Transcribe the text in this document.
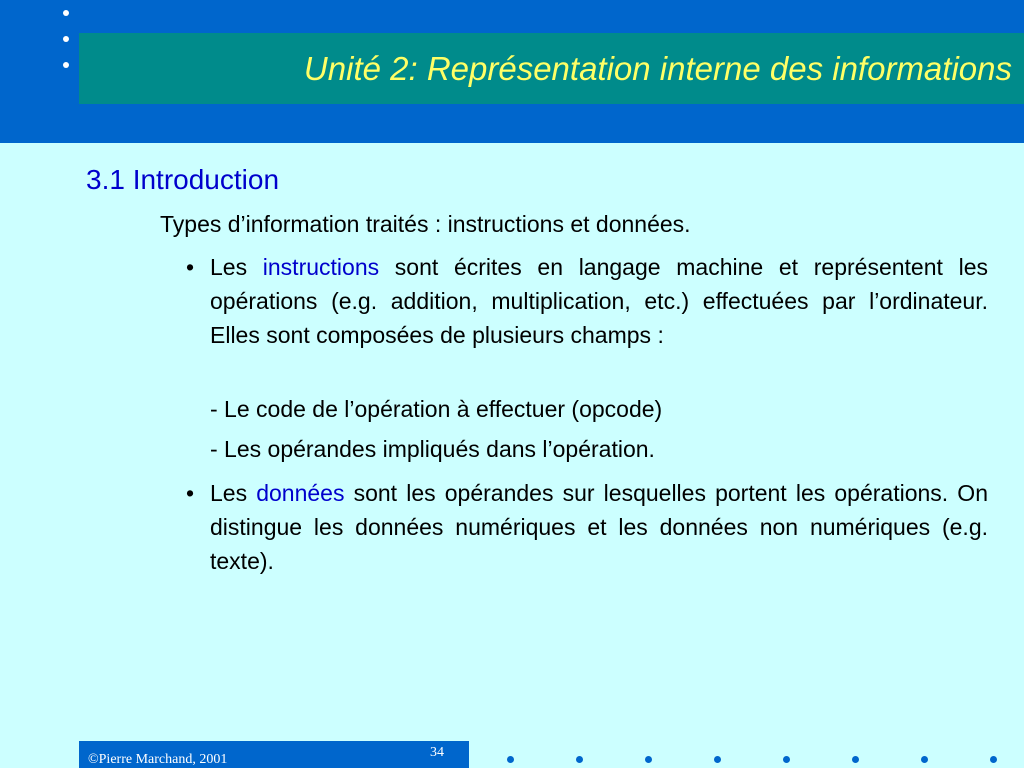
Unité 2: Représentation interne des informations
3.1 Introduction
Types d’information traités : instructions et données.
• Les instructions sont écrites en langage machine et représentent les opérations (e.g. addition, multiplication, etc.) effectuées par l’ordinateur. Elles sont composées de plusieurs champs :
- Le code de l’opération à effectuer (opcode)
- Les opérandes impliqués dans l’opération.
• Les données sont les opérandes sur lesquelles portent les opérations. On distingue les données numériques et les données non numériques (e.g. texte).
©Pierre Marchand, 2001	34
